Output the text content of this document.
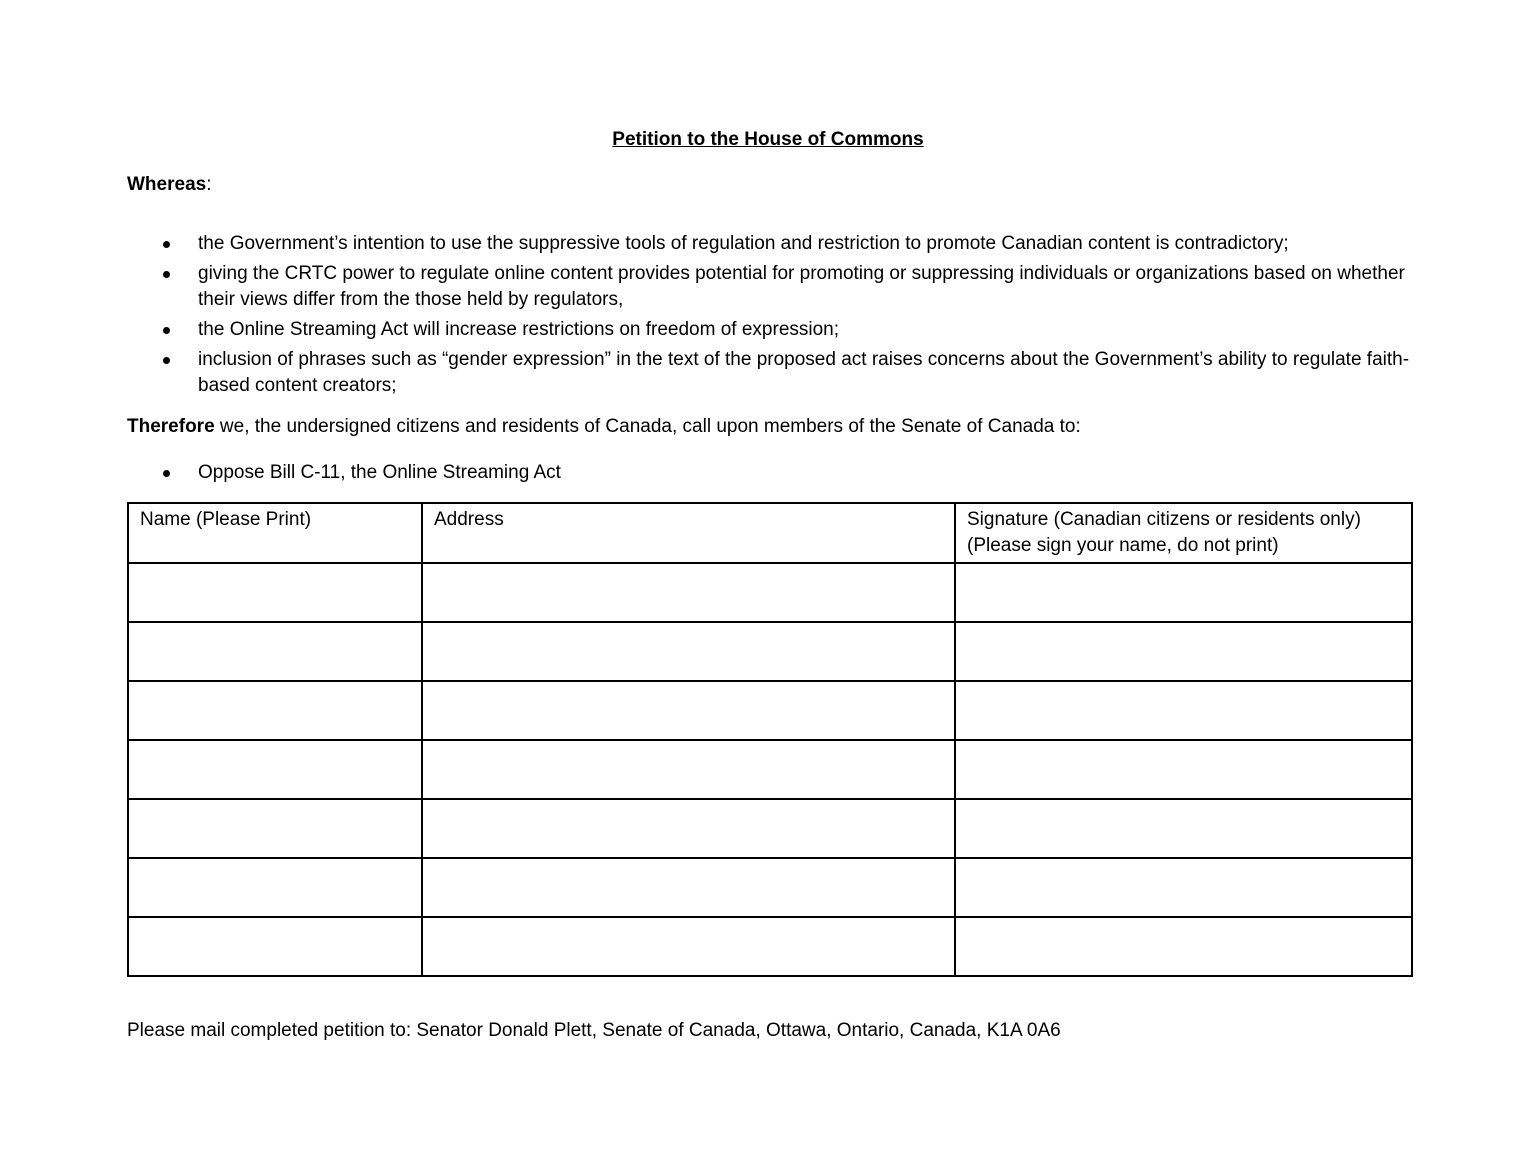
Petition to the House of Commons
Whereas:
the Government’s intention to use the suppressive tools of regulation and restriction to promote Canadian content is contradictory;
giving the CRTC power to regulate online content provides potential for promoting or suppressing individuals or organizations based on whether their views differ from the those held by regulators,
the Online Streaming Act will increase restrictions on freedom of expression;
inclusion of phrases such as “gender expression” in the text of the proposed act raises concerns about the Government’s ability to regulate faith-based content creators;
Therefore we, the undersigned citizens and residents of Canada, call upon members of the Senate of Canada to:
Oppose Bill C-11, the Online Streaming Act
Name (Please Print)	Address	Signature (Canadian citizens or residents only)
(Please sign your name, do not print)

Please mail completed petition to: Senator Donald Plett, Senate of Canada, Ottawa, Ontario, Canada, K1A 0A6
